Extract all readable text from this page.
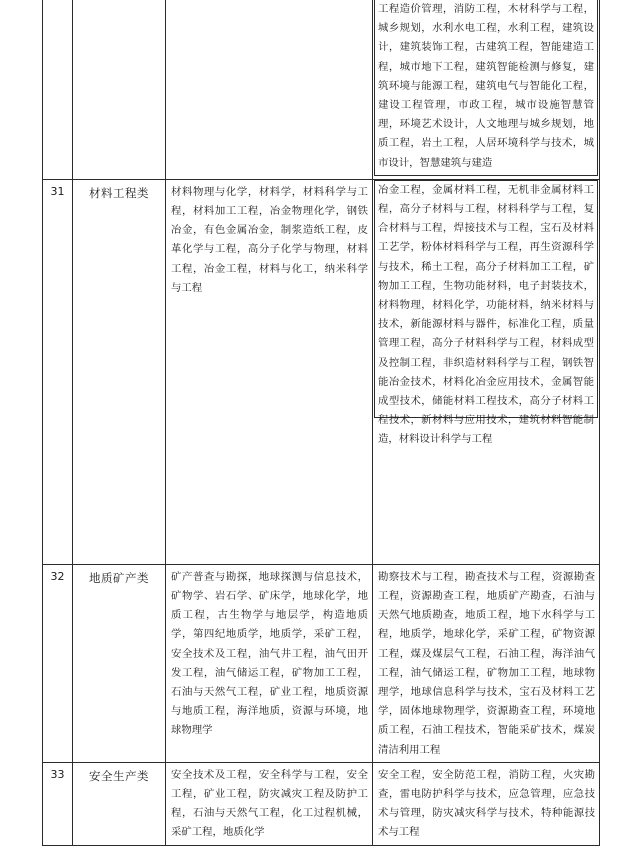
			工程造价管理，消防工程，木材科学与工程，城乡规划，水利水电工程，水利工程，建筑设计，建筑装饰工程，古建筑工程，智能建造工程，城市地下工程，建筑智能检测与修复，建筑环境与能源工程，建筑电气与智能化工程，建设工程管理，市政工程，城市设施智慧管理，环境艺术设计，人文地理与城乡规划，地质工程，岩土工程，人居环境科学与技术，城市设计，智慧建筑与建造

31	材料工程类	材料物理与化学，材料学，材料科学与工程，材料加工工程，冶金物理化学，钢铁冶金，有色金属冶金，制浆造纸工程，皮革化学与工程，高分子化学与物理，材料工程，冶金工程，材料与化工，纳米科学与工程	冶金工程，金属材料工程，无机非金属材料工程，高分子材料与工程，材料科学与工程，复合材料与工程，焊接技术与工程，宝石及材料工艺学，粉体材料科学与工程，再生资源科学与技术，稀土工程，高分子材料加工工程，矿物加工工程，生物功能材料，电子封装技术，材料物理，材料化学，功能材料，纳米材料与技术，新能源材料与器件，标准化工程，质量管理工程，高分子材料科学与工程，材料成型及控制工程，非织造材料科学与工程，钢铁智能冶金技术，材料化冶金应用技术，金属智能成型技术，储能材料工程技术，高分子材料工程技术，新材料与应用技术，建筑材料智能制造，材料设计科学与工程

32	地质矿产类	矿产普查与勘探，地球探测与信息技术，矿物学、岩石学、矿床学，地球化学，地质工程，古生物学与地层学，构造地质学，第四纪地质学，地质学，采矿工程，安全技术及工程，油气井工程，油气田开发工程，油气储运工程，矿物加工工程，石油与天然气工程，矿业工程，地质资源与地质工程，海洋地质，资源与环境，地球物理学	勘察技术与工程，勘查技术与工程，资源勘查工程，资源勘查工程，地质矿产勘查，石油与天然气地质勘查，地质工程，地下水科学与工程，地质学，地球化学，采矿工程，矿物资源工程，煤及煤层气工程，石油工程，海洋油气工程，油气储运工程，矿物加工工程，地球物理学，地球信息科学与技术，宝石及材料工艺学，固体地球物理学，资源勘查工程，环境地质工程，石油工程技术，智能采矿技术，煤炭清洁利用工程
33	安全生产类	安全技术及工程，安全科学与工程，安全工程，矿业工程，防灾减灾工程及防护工程，石油与天然气工程，化工过程机械，采矿工程，地质化学	安全工程，安全防范工程，消防工程，火灾勘查，雷电防护科学与技术，应急管理，应急技术与管理，防灾减灾科学与技术，特种能源技术与工程
